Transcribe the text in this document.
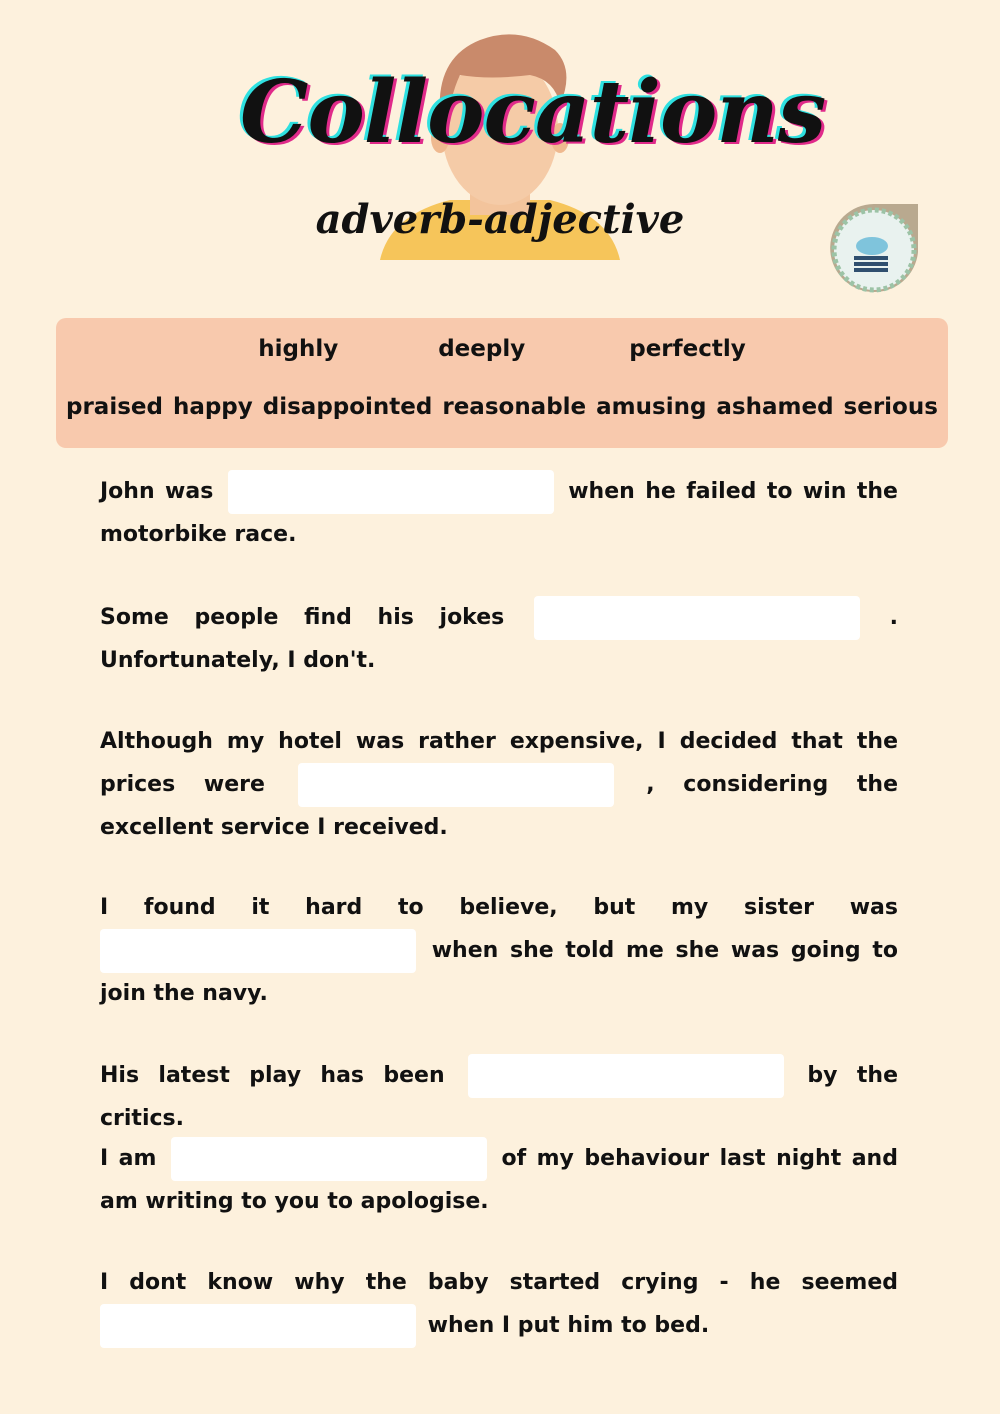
Collocations
adverb-adjective
highly	deeply	perfectly
praised happy disappointed reasonable amusing ashamed serious

John was	when he failed to win the motorbike race.

Some people find his jokes	. Unfortunately, I don't.

Although my hotel was rather expensive, I decided that the prices were	, considering the excellent service I received.

I found it hard to believe, but my sister was  when she told me she was going to join the navy.

His latest play has been	by the critics.

I am	of my behaviour last night and am writing to you to apologise.

I dont know why the baby started crying - he seemed  when I put him to bed.
